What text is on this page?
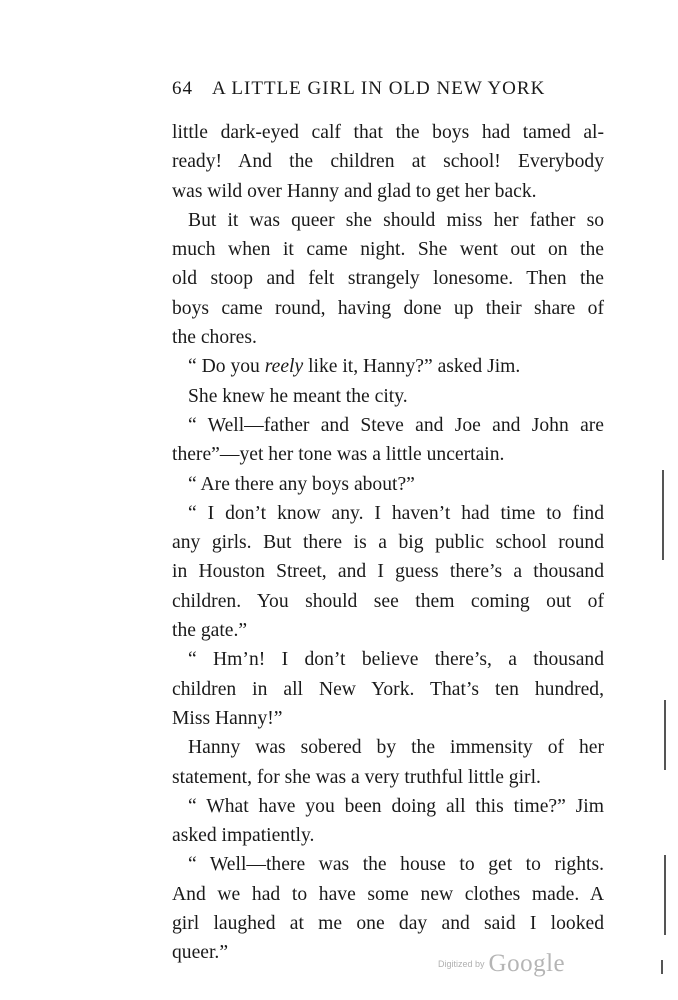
64 A LITTLE GIRL IN OLD NEW YORK
little dark-eyed calf that the boys had tamed al-
ready! And the children at school! Everybody
was wild over Hanny and glad to get her back.
But it was queer she should miss her father so
much when it came night. She went out on the
old stoop and felt strangely lonesome. Then the
boys came round, having done up their share of
the chores.
“ Do you reely like it, Hanny?” asked Jim.
She knew he meant the city.
“ Well—father and Steve and Joe and John are
there”—yet her tone was a little uncertain.
“ Are there any boys about?”
“ I don’t know any. I haven’t had time to find
any girls. But there is a big public school round
in Houston Street, and I guess there’s a thousand
children. You should see them coming out of
the gate.”
“ Hm’n! I don’t believe there’s, a thousand
children in all New York. That’s ten hundred,
Miss Hanny!”
Hanny was sobered by the immensity of her
statement, for she was a very truthful little girl.
“ What have you been doing all this time?” Jim
asked impatiently.
“ Well—there was the house to get to rights.
And we had to have some new clothes made. A
girl laughed at me one day and said I looked
queer.”
Digitized by Google
